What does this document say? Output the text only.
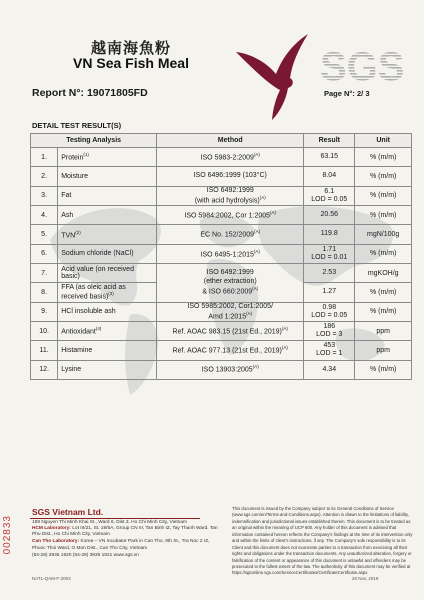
越南海魚粉
VN Sea Fish Meal	SGS
Report N°: 19071805FD	Page N°: 2/ 3
DETAIL TEST RESULT(S)
Testing Analysis		Method	Result	Unit
1.	Protein$^{(1)}$	ISO $5983-2:2009^{(A)}$	63.15	% (m/m)
2.	Moisture	ISO 6496:1999 (103°C)	8.04	% (m/m)
3.	Fat	ISO 6492:1999
(with acid hydrolysis)$^{(A)}$	6.1
LOD = 0.05	% (m/m)
4.	Ash	ISO 5984:2002, Cor $1:2005^{(A)}$	20.56	% (m/m)
5.	TVN$^{(2)}$	EC No. $152/2009^{(A)}$	119.8	mgN/100g
6.	Sodium chloride (NaCl)	ISO $6495-1:2015^{(A)}$	1.71
LOD = 0.01	% (m/m)
7.	Acid value (on received basic)	ISO 6492:1999
(ether extraction)
& ISO $660:2009^{(A)}$	2.53	mgKOH/g
8.	FFA (as oleic acid as received basis)$^{(3)}$		1.27	% (m/m)
9.	HCl insoluble ash	ISO 5985:2002, Cor1:2005/
Amd $1:2015^{(A)}$	0.98
LOD = 0.05	% (m/m)
10.	Antioxidant$^{(4)}$	Ref. AOAC 983.15 (21st Ed., 2019)$^{(A)}$	186
LOD = 3	ppm
11.	Histamine	Ref. AOAC 977.13 (21st Ed., 2019)$^{(A)}$	453
LOD = 1	ppm
12.	Lysine	ISO $13903:2005^{(A)}$	4.34	% (m/m)
002833
SGS Vietnam Ltd.
198 Nguyen Thi Minh Khai St., Ward 6, Dist.3, Ho Chi Minh City, Vietnam
HCM Laboratory: Lot III/21, St. 19/5A, Group CN III, Tan Binh IZ, Tay Thanh Ward, Tan Phu Dist., Ho Chi Minh City, Vietnam
Can Tho Laboratory: Korea – VN Incubator Park in Can Tho, 9th St., Tra Noc 2 IZ, Phuoc Thoi Ward, O Mon Dist., Can Tho City, Vietnam
(84-28) 3935 1920 (84-28) 3935 1921 www.sgs.vn
This document is issued by the Company subject to its General Conditions of Service (www.sgs.com/en/Terms-and-Conditions.aspx). Attention is drawn to the limitations of liability, indemnification and jurisdictional issues established therein. This document is to be treated as an original within the meaning of UCP 600. Any holder of this document is advised that information contained hereon reflects the Company's findings at the time of its intervention only and within the limits of client's instructions, if any. The Company's sole responsibility is to its Client and this document does not exonerate parties to a transaction from exercising all their rights and obligations under the transaction documents. Any unauthorized alteration, forgery or falsification of the content or appearance of this document is unlawful and offenders may be prosecuted to the fullest extent of the law. The authenticity of this document may be verified at https://sgsonline.sgs.com/ServiceCertificates/CertificateCertificate.aspx
NATL-QAM-F-2003	20 Nov, 2019
